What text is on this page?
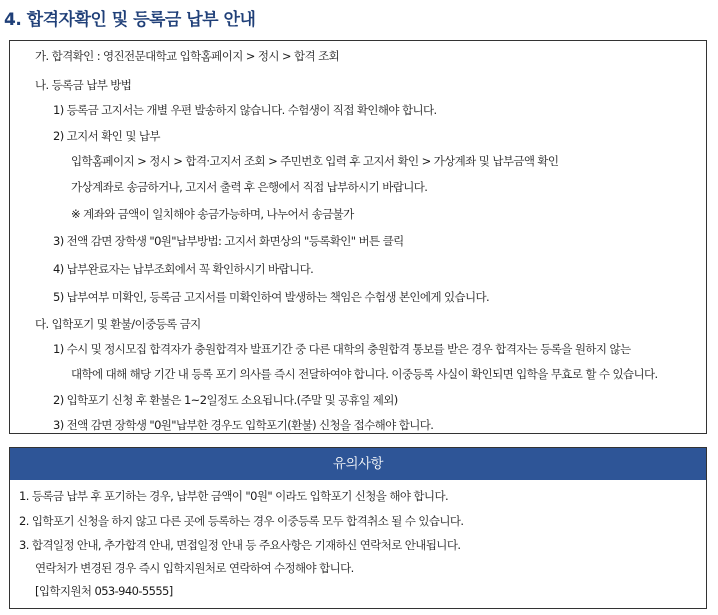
4. 합격자확인 및 등록금 납부 안내
가. 합격확인 : 영진전문대학교 입학홈페이지 > 정시 > 합격 조회
나. 등록금 납부 방법
1) 등록금 고지서는 개별 우편 발송하지 않습니다. 수험생이 직접 확인해야 합니다.
2) 고지서 확인 및 납부
입학홈페이지 > 정시 > 합격·고지서 조회 > 주민번호 입력 후 고지서 확인 > 가상계좌 및 납부금액 확인
가상계좌로 송금하거나, 고지서 출력 후 은행에서 직접 납부하시기 바랍니다.
※ 계좌와 금액이 일치해야 송금가능하며, 나누어서 송금불가
3) 전액 감면 장학생 "0원"납부방법: 고지서 화면상의 "등록확인" 버튼 클릭
4) 납부완료자는 납부조회에서 꼭 확인하시기 바랍니다.
5) 납부여부 미확인, 등록금 고지서를 미확인하여 발생하는 책임은 수험생 본인에게 있습니다.
다. 입학포기 및 환불/이중등록 금지
1) 수시 및 정시모집 합격자가 충원합격자 발표기간 중 다른 대학의 충원합격 통보를 받은 경우 합격자는 등록을 원하지 않는
대학에 대해 해당 기간 내 등록 포기 의사를 즉시 전달하여야 합니다. 이중등록 사실이 확인되면 입학을 무효로 할 수 있습니다.
2) 입학포기 신청 후 환불은 1~2일정도 소요됩니다.(주말 및 공휴일 제외)
3) 전액 감면 장학생 "0원"납부한 경우도 입학포기(환불) 신청을 접수해야 합니다.
유의사항
1. 등록금 납부 후 포기하는 경우, 납부한 금액이 "0원" 이라도 입학포기 신청을 해야 합니다.
2. 입학포기 신청을 하지 않고 다른 곳에 등록하는 경우 이중등록 모두 합격취소 될 수 있습니다.
3. 합격일정 안내, 추가합격 안내, 면접일정 안내 등 주요사항은 기재하신 연락처로 안내됩니다.
연락처가 변경된 경우 즉시 입학지원처로 연락하여 수정해야 합니다.
[입학지원처 053-940-5555]
